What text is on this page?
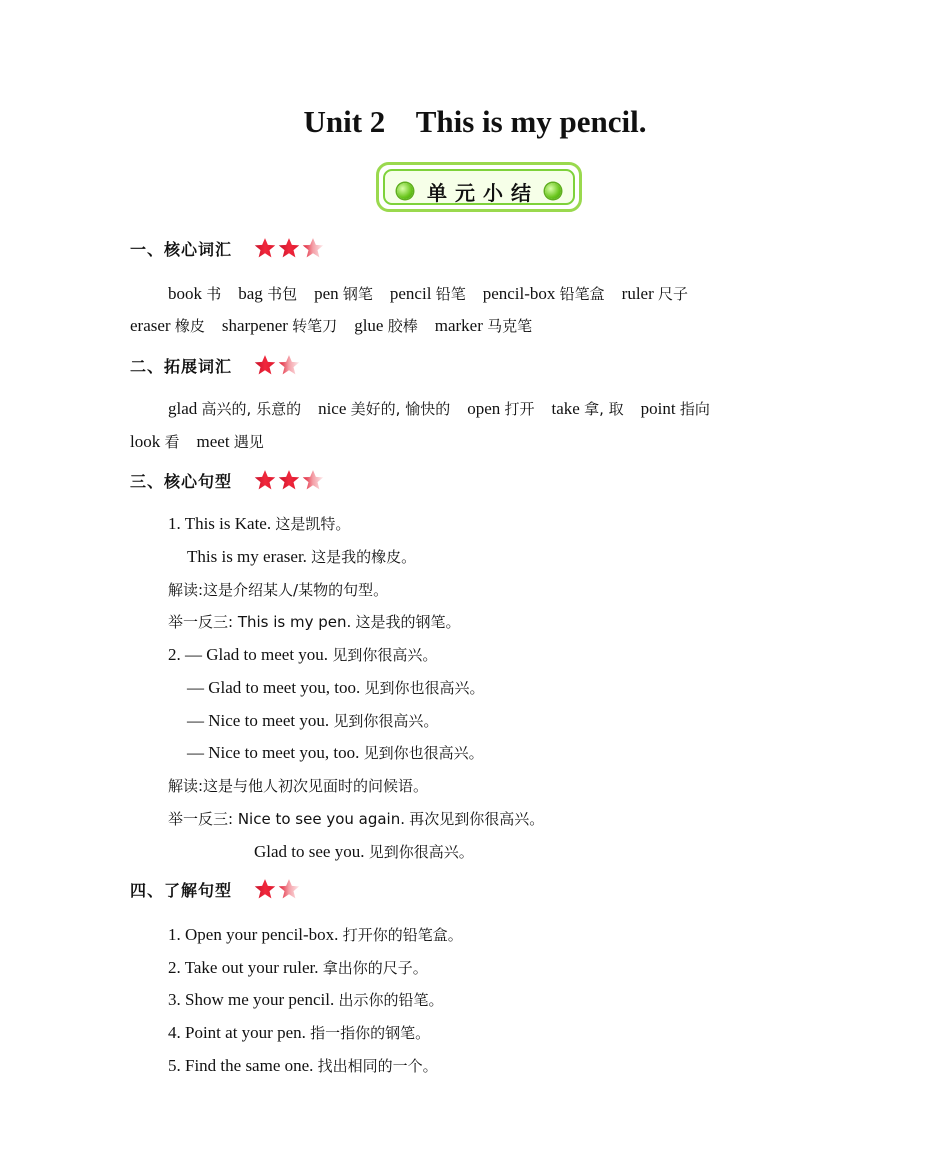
Unit 2    This is my pencil.
单元小结
一、核心词汇
book 书 bag 书包 pen 钢笔 pencil 铅笔 pencil-box 铅笔盒 ruler 尺子
eraser 橡皮 sharpener 转笔刀 glue 胶棒 marker 马克笔
二、拓展词汇
glad 高兴的, 乐意的 nice 美好的, 愉快的 open 打开 take 拿, 取 point 指向
look 看 meet 遇见
三、核心句型
1. This is Kate. 这是凯特。
This is my eraser. 这是我的橡皮。
解读:这是介绍某人/某物的句型。
举一反三: This is my pen. 这是我的钢笔。
2. — Glad to meet you. 见到你很高兴。
— Glad to meet you, too. 见到你也很高兴。
— Nice to meet you. 见到你很高兴。
— Nice to meet you, too. 见到你也很高兴。
解读:这是与他人初次见面时的问候语。
举一反三: Nice to see you again. 再次见到你很高兴。
Glad to see you. 见到你很高兴。
四、了解句型
1. Open your pencil-box. 打开你的铅笔盒。
2. Take out your ruler. 拿出你的尺子。
3. Show me your pencil. 出示你的铅笔。
4. Point at your pen. 指一指你的钢笔。
5. Find the same one. 找出相同的一个。
